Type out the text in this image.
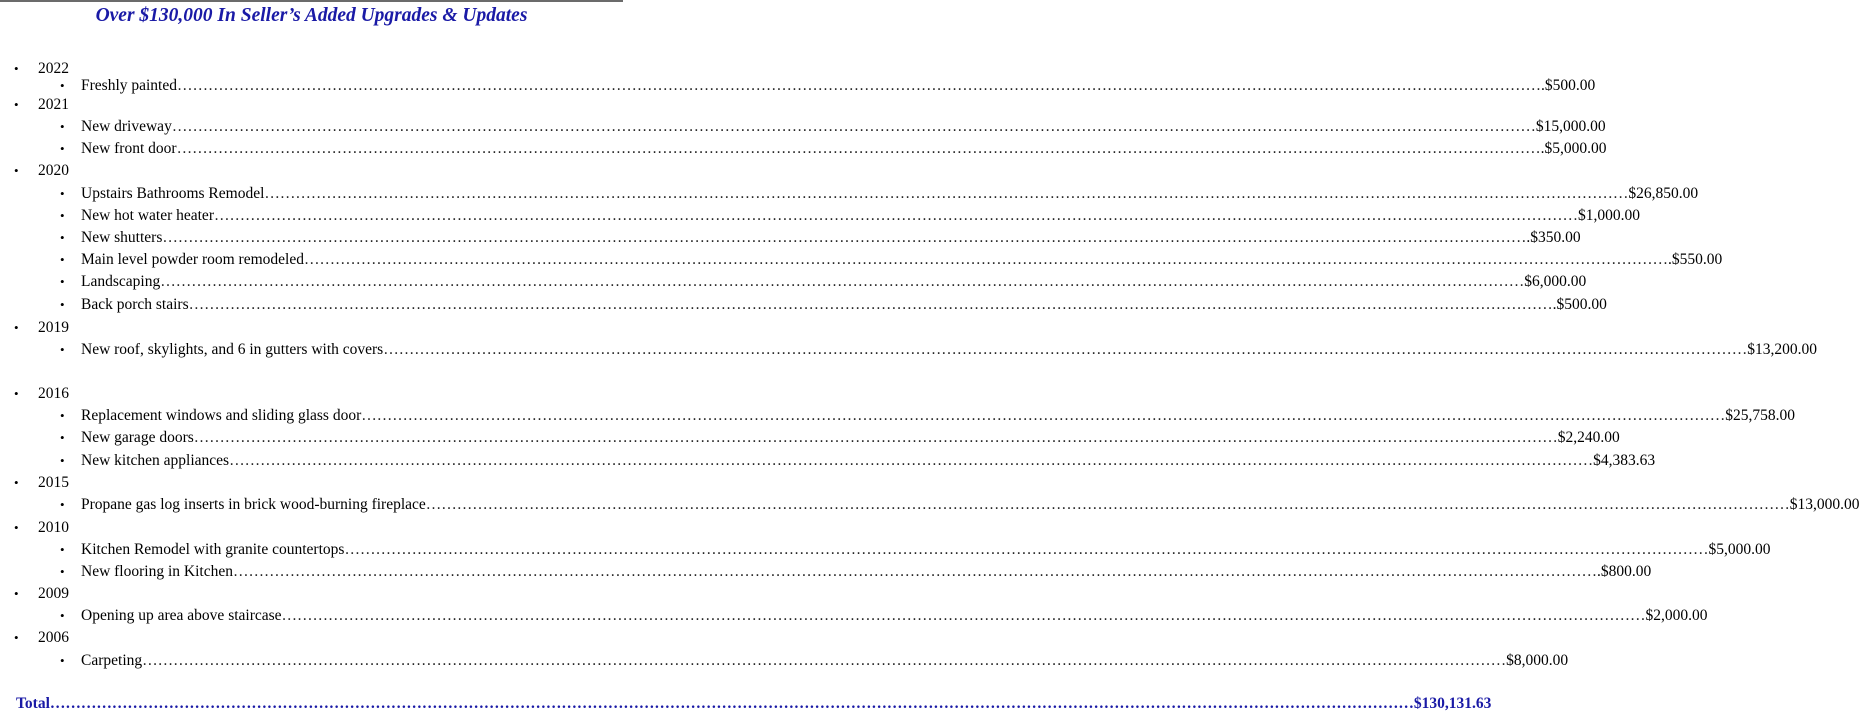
Over $130,000 In Seller’s Added Upgrades & Updates
• 2022
• Freshly painted ………………………………………………………………………………………………………………………………………………………………………………………………………………………………………… .$500.00
• 2021
• New driveway ………………………………………………………………………………………………………………………………………………………………………………………………………………………………………… $15,000.00
• New front door ………………………………………………………………………………………………………………………………………………………………………………………………………………………………………… .$5,000.00
• 2020
• Upstairs Bathrooms Remodel ………………………………………………………………………………………………………………………………………………………………………………………………………………………………………… $26,850.00
• New hot water heater ………………………………………………………………………………………………………………………………………………………………………………………………………………………………………… $1,000.00
• New shutters ………………………………………………………………………………………………………………………………………………………………………………………………………………………………………… .$350.00
• Main level powder room remodeled ………………………………………………………………………………………………………………………………………………………………………………………………………………………………………… .$550.00
• Landscaping ………………………………………………………………………………………………………………………………………………………………………………………………………………………………………… $6,000.00
• Back porch stairs ………………………………………………………………………………………………………………………………………………………………………………………………………………………………………… .$500.00
• 2019
• New roof, skylights, and 6 in gutters with covers ………………………………………………………………………………………………………………………………………………………………………………………………………………………………………… $13,200.00
• 2016
• Replacement windows and sliding glass door ………………………………………………………………………………………………………………………………………………………………………………………………………………………………………… $25,758.00
• New garage doors ………………………………………………………………………………………………………………………………………………………………………………………………………………………………………… $2,240.00
• New kitchen appliances ………………………………………………………………………………………………………………………………………………………………………………………………………………………………………… $4,383.63
• 2015
• Propane gas log inserts in brick wood-burning fireplace ………………………………………………………………………………………………………………………………………………………………………………………………………………………………………… $13,000.00
• 2010
• Kitchen Remodel with granite countertops ………………………………………………………………………………………………………………………………………………………………………………………………………………………………………… $5,000.00
• New flooring in Kitchen ………………………………………………………………………………………………………………………………………………………………………………………………………………………………………… .$800.00
• 2009
• Opening up area above staircase ………………………………………………………………………………………………………………………………………………………………………………………………………………………………………… $2,000.00
• 2006
• Carpeting ………………………………………………………………………………………………………………………………………………………………………………………………………………………………………… $8,000.00
Total ………………………………………………………………………………………………………………………………………………………………………………………………………………………………………… $130,131.63
